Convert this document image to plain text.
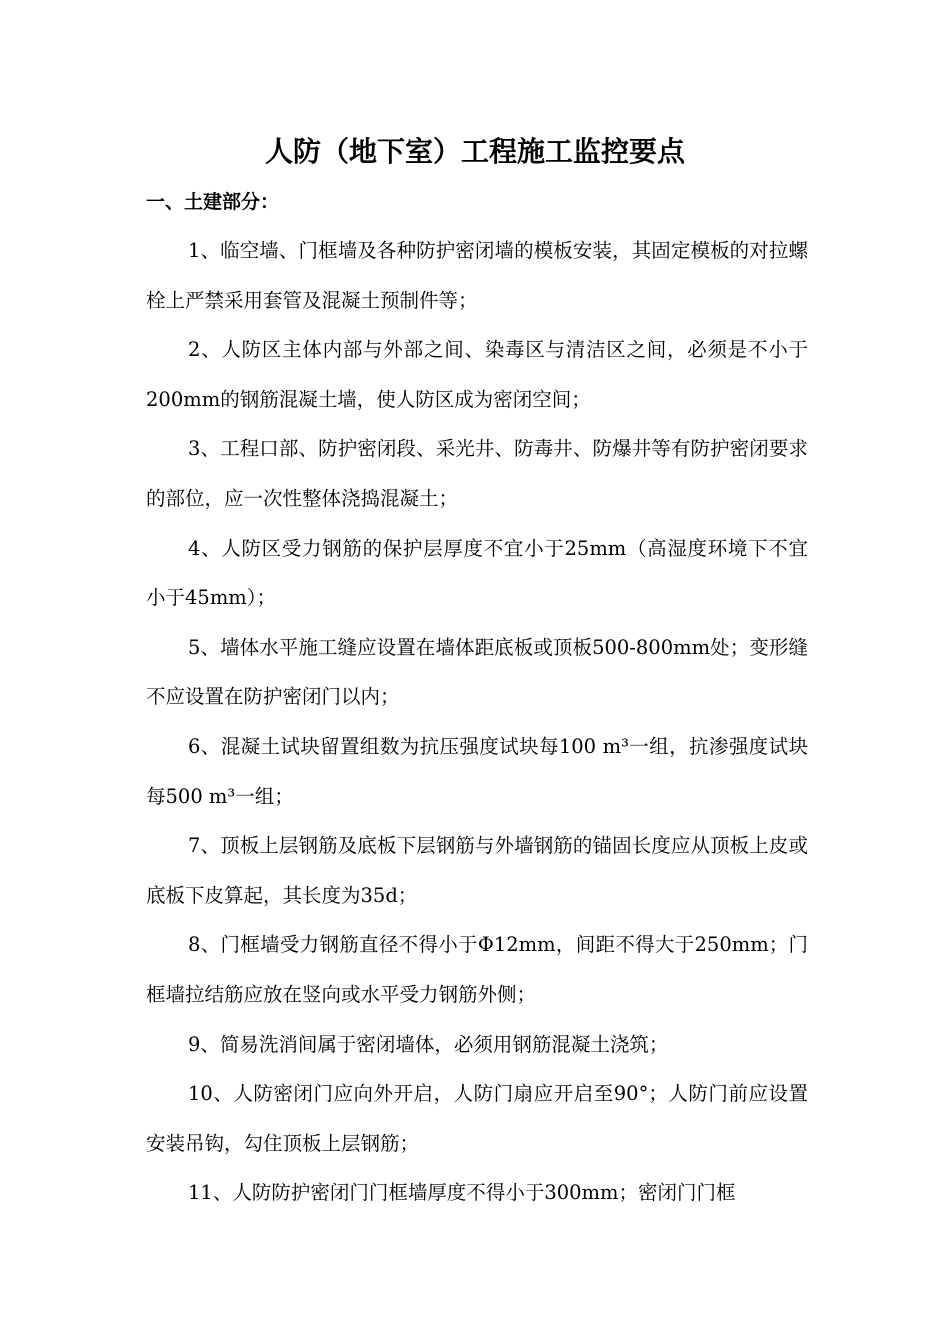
人防（地下室）工程施工监控要点
一、土建部分：

1、临空墙、门框墙及各种防护密闭墙的模板安装，其固定模板的对拉螺栓上严禁采用套管及混凝土预制件等；

2、人防区主体内部与外部之间、染毒区与清洁区之间，必须是不小于200mm的钢筋混凝土墙，使人防区成为密闭空间；

3、工程口部、防护密闭段、采光井、防毒井、防爆井等有防护密闭要求的部位，应一次性整体浇捣混凝土；

4、人防区受力钢筋的保护层厚度不宜小于25mm（高湿度环境下不宜小于45mm）；

5、墙体水平施工缝应设置在墙体距底板或顶板500-800mm处；变形缝不应设置在防护密闭门以内；

6、混凝土试块留置组数为抗压强度试块每100 m³一组，抗渗强度试块每500 m³一组；

7、顶板上层钢筋及底板下层钢筋与外墙钢筋的锚固长度应从顶板上皮或底板下皮算起，其长度为35d；

8、门框墙受力钢筋直径不得小于Φ12mm，间距不得大于250mm；门框墙拉结筋应放在竖向或水平受力钢筋外侧；

9、简易洗消间属于密闭墙体，必须用钢筋混凝土浇筑；

10、人防密闭门应向外开启，人防门扇应开启至90°；人防门前应设置安装吊钩，勾住顶板上层钢筋；

11、人防防护密闭门门框墙厚度不得小于300mm；密闭门门框
